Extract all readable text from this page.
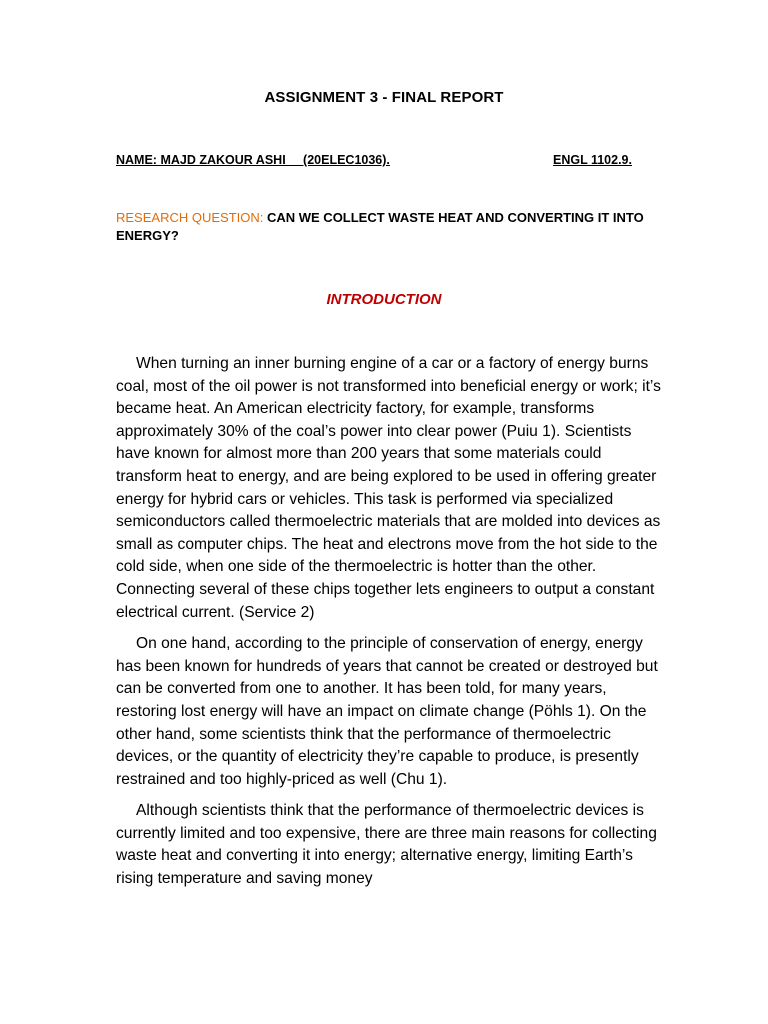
ASSIGNMENT 3 - FINAL REPORT
NAME: MAJD ZAKOUR ASHI     (20ELEC1036).	ENGL 1102.9.
RESEARCH QUESTION: CAN WE COLLECT WASTE HEAT AND CONVERTING IT INTO ENERGY?
INTRODUCTION

When turning an inner burning engine of a car or a factory of energy burns coal, most of the oil power is not transformed into beneficial energy or work; it’s became heat. An American electricity factory, for example, transforms approximately 30% of the coal’s power into clear power (Puiu 1). Scientists have known for almost more than 200 years that some materials could transform heat to energy, and are being explored to be used in offering greater energy for hybrid cars or vehicles. This task is performed via specialized semiconductors called thermoelectric materials that are molded into devices as small as computer chips. The heat and electrons move from the hot side to the cold side, when one side of the thermoelectric is hotter than the other. Connecting several of these chips together lets engineers to output a constant electrical current. (Service 2)

On one hand, according to the principle of conservation of energy, energy has been known for hundreds of years that cannot be created or destroyed but can be converted from one to another. It has been told, for many years, restoring lost energy will have an impact on climate change (Pöhls 1). On the other hand, some scientists think that the performance of thermoelectric devices, or the quantity of electricity they’re capable to produce, is presently restrained and too highly-priced as well (Chu 1).

Although scientists think that the performance of thermoelectric devices is currently limited and too expensive, there are three main reasons for collecting waste heat and converting it into energy; alternative energy, limiting Earth’s rising temperature and saving money
